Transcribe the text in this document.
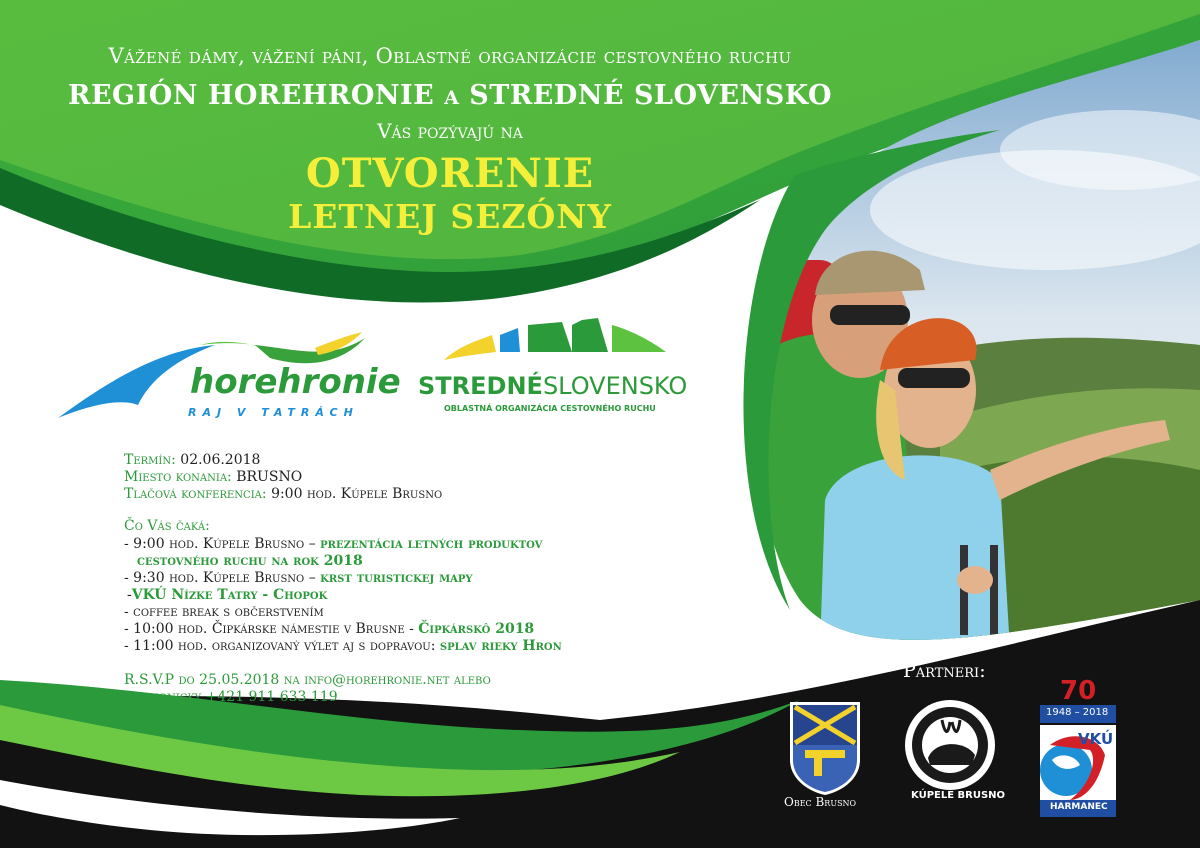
Vážené dámy, vážení páni, Oblastné organizácie cestovného ruchu
REGIÓN HOREHRONIE a STREDNÉ SLOVENSKO
Vás pozývajú na
OTVORENIE
LETNEJ SEZÓNY
horehronie
RAJ V TATRÁCH
STREDNÉSLOVENSKO
OBLASTNÁ ORGANIZÁCIA CESTOVNÉHO RUCHU
Termín: 02.06.2018
Miesto konania: BRUSNO
Tlačová konferencia: 9:00 hod. Kúpele Brusno
Čo Vás čaká:
- 9:00 hod. Kúpele Brusno – prezentácia letných produktov
cestovného ruchu na rok 2018
- 9:30 hod. Kúpele Brusno – krst turistickej mapy
-VKÚ Nízke Tatry - Chopok
- coffee break s občerstvením
- 10:00 hod. Čipkárske námestie v Brusne - Čipkárskô 2018
- 11:00 hod. organizovaný výlet aj s dopravou: splav rieky Hron
R.S.V.P do 25.05.2018 na info@horehronie.net alebo
telefonicky +421 911 633 119
Darček pre každého!
Partneri:
Obec Brusno	KÚPELE BRUSNO
70
1948 – 2018
VKÚ
HARMANEC
